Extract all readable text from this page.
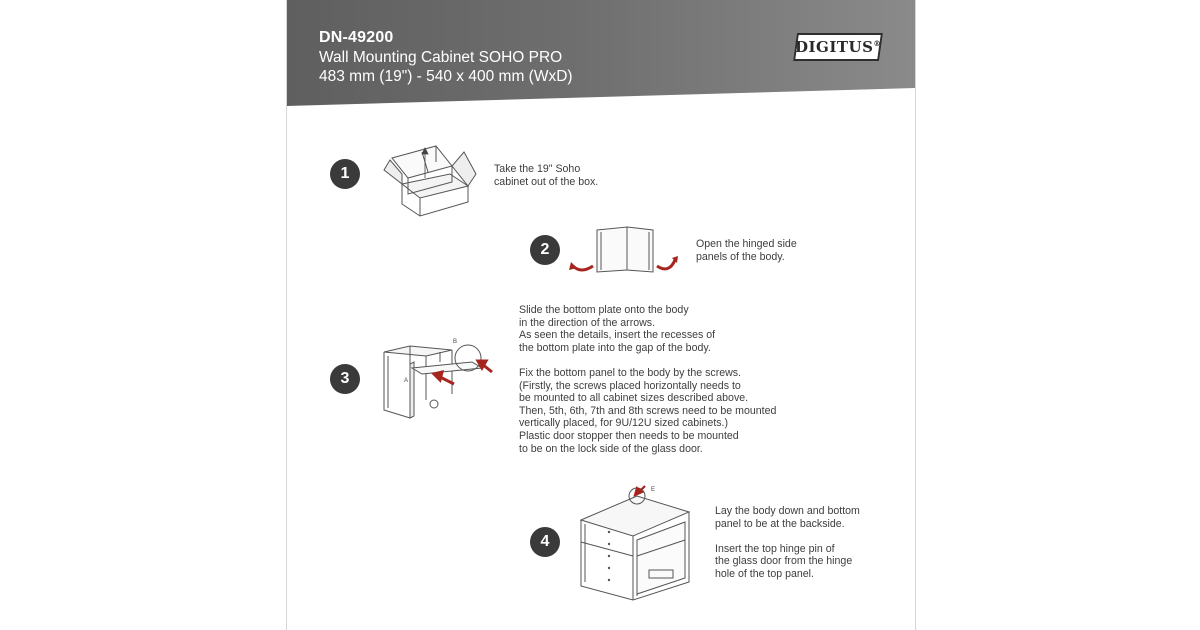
DN-49200
Wall Mounting Cabinet SOHO PRO
483 mm (19") - 540 x 400 mm (WxD)
DIGITUS®
1	Take the 19" Soho
cabinet out of the box.
2	Open the hinged side
panels of the body.
3	A
B
Slide the bottom plate onto the body
in the direction of the arrows.
As seen the details, insert the recesses of
the bottom plate into the gap of the body.
Fix the bottom panel to the body by the screws.
(Firstly, the screws placed horizontally needs to
be mounted to all cabinet sizes described above.
Then, 5th, 6th, 7th and 8th screws need to be mounted
vertically placed, for 9U/12U sized cabinets.)
Plastic door stopper then needs to be mounted
to be on the lock side of the glass door.
4
E
Lay the body down and bottom
panel to be at the backside.
Insert the top hinge pin of
the glass door from the hinge
hole of the top panel.
